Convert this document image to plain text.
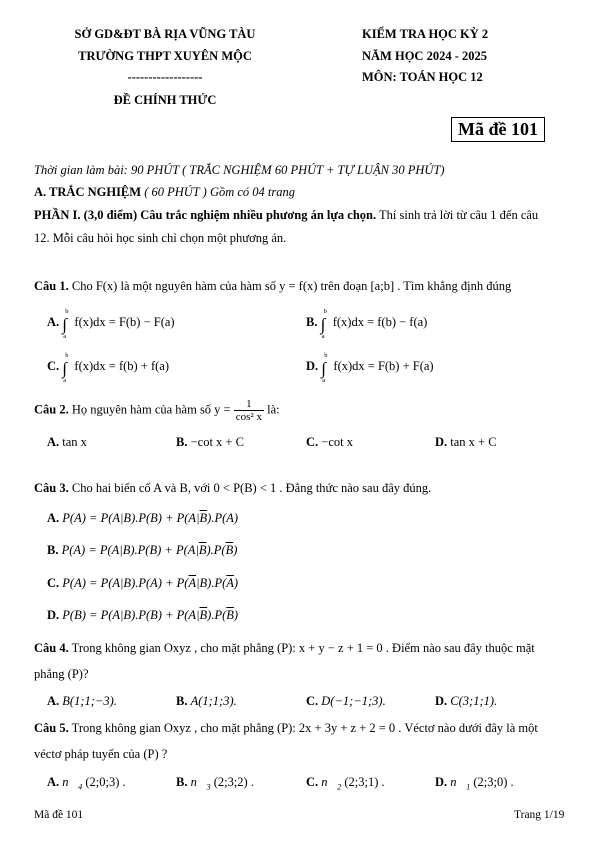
SỞ GD&ĐT BÀ RỊA VŨNG TÀU
TRƯỜNG THPT XUYÊN MỘC
------------------
ĐỀ CHÍNH THỨC
KIỂM TRA HỌC KỲ 2
NĂM HỌC 2024 - 2025
MÔN: TOÁN HỌC 12
Mã đề 101
Thời gian làm bài: 90 PHÚT ( TRẮC NGHIỆM 60 PHÚT + TỰ LUẬN 30 PHÚT)
A. TRẮC NGHIỆM ( 60 PHÚT ) Gồm có 04 trang
PHẦN I. (3,0 điểm) Câu trắc nghiệm nhiều phương án lựa chọn. Thí sinh trả lời từ câu 1 đến câu
12. Mỗi câu hỏi học sinh chỉ chọn một phương án.
Câu 1. Cho F(x) là một nguyên hàm của hàm số y = f(x) trên đoạn [a;b] . Tìm khẳng định đúng
A. ∫
b
a
f(x)dx = F(b) − F(a)	B. ∫
b
a
f(x)dx = f(b) − f(a)
C. ∫
b
a
f(x)dx = f(b) + f(a)	D. ∫
b
a
f(x)dx = F(b) + F(a)
Câu 2. Họ nguyên hàm của hàm số $y = \frac{1}{\text{cos² x}}$ là:
A. tan x	B. −cot x + C	C. −cot x	D. tan x + C
Câu 3. Cho hai biến cố A và B, với 0 < P(B) < 1 . Đẳng thức nào sau đây đúng.
A. $P(A) = P(A|B).P(B) + P(A|\overline{B}).P(A)$
B. $P(A) = P(A|B).P(B) + P(A|\overline{B}).P(\overline{B})$
C. $P(A) = P(A|B).P(A) + P(\overline{A}|B).P(\overline{A})$
D. $P(B) = P(A|B).P(B) + P(A|\overline{B}).P(\overline{B})$
Câu 4. Trong không gian Oxyz , cho mặt phẳng (P): x + y − z + 1 = 0 . Điểm nào sau đây thuộc mặt
phẳng (P)?
A. B(1;1;−3).	B. A(1;1;3).	C. D(−1;−1;3).	D. C(3;1;1).
Câu 5. Trong không gian Oxyz , cho mặt phẳng (P): 2x + 3y + z + 2 = 0 . Véctơ nào dưới đây là một
véctơ pháp tuyến của (P) ?
A. $n⃗_4$ (2;0;3) .	B. $n⃗_3$ (2;3;2) .	C. $n⃗_2$ (2;3;1) .	D. $n⃗_1$ (2;3;0) .
Mã đề 101	Trang 1/19
